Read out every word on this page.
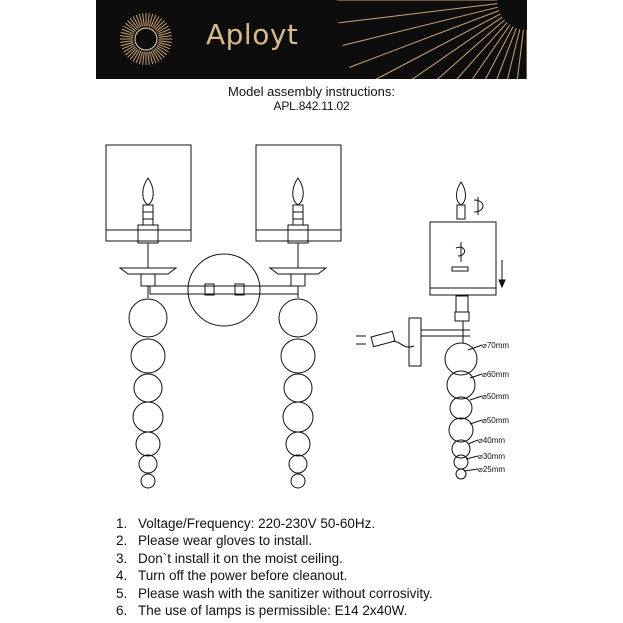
Aployt
Model assembly instructions:
APL.842.11.02
⌀70mm
⌀60mm
⌀50mm
⌀50mm
⌀40mm
⌀30mm
⌀25mm
1. Voltage/Frequency: 220-230V 50-60Hz.
2. Please wear gloves to install.
3. Don`t install it on the moist ceiling.
4. Turn off the power before cleanout.
5. Please wash with the sanitizer without corrosivity.
6. The use of lamps is permissible: E14 2x40W.
